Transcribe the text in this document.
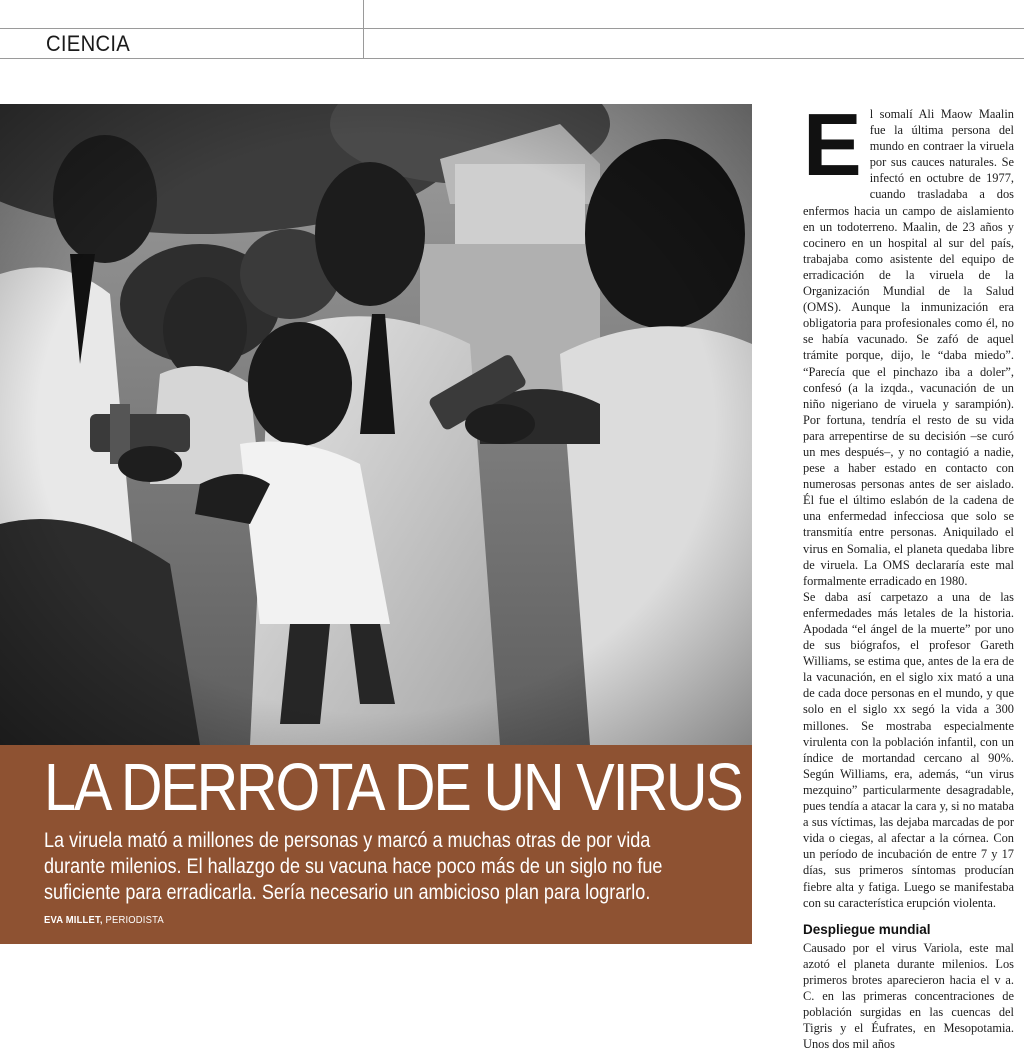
CIENCIA
LA DERROTA DE UN VIRUS

La viruela mató a millones de personas y marcó a muchas otras de por vida durante milenios. El hallazgo de su vacuna hace poco más de un siglo no fue suficiente para erradicarla. Sería necesario un ambicioso plan para lograrlo.

EVA MILLET, PERIODISTA

El somalí Ali Maow Maalin fue la última persona del mundo en contraer la viruela por sus cauces naturales. Se infectó en octubre de 1977, cuando trasladaba a dos enfermos hacia un campo de aislamiento en un todoterreno. Maalin, de 23 años y cocinero en un hospital al sur del país, trabajaba como asistente del equipo de erradicación de la viruela de la Organización Mundial de la Salud (OMS). Aunque la inmunización era obligatoria para profesionales como él, no se había vacunado. Se zafó de aquel trámite porque, dijo, le “daba miedo”. “Parecía que el pinchazo iba a doler”, confesó (a la izqda., vacunación de un niño nigeriano de viruela y sarampión). Por fortuna, tendría el resto de su vida para arrepentirse de su decisión –se curó un mes después–, y no contagió a nadie, pese a haber estado en contacto con numerosas personas antes de ser aislado. Él fue el último eslabón de la cadena de una enfermedad infecciosa que solo se transmitía entre personas. Aniquilado el virus en Somalia, el planeta quedaba libre de viruela. La OMS declararía este mal formalmente erradicado en 1980.

Se daba así carpetazo a una de las enfermedades más letales de la historia. Apodada “el ángel de la muerte” por uno de sus biógrafos, el profesor Gareth Williams, se estima que, antes de la era de la vacunación, en el siglo xix mató a una de cada doce personas en el mundo, y que solo en el siglo xx segó la vida a 300 millones. Se mostraba especialmente virulenta con la población infantil, con un índice de mortandad cercano al 90%. Según Williams, era, además, “un virus mezquino” particularmente desagradable, pues tendía a atacar la cara y, si no mataba a sus víctimas, las dejaba marcadas de por vida o ciegas, al afectar a la córnea. Con un período de incubación de entre 7 y 17 días, sus primeros síntomas producían fiebre alta y fatiga. Luego se manifestaba con su característica erupción violenta.

Despliegue mundial

Causado por el virus Variola, este mal azotó el planeta durante milenios. Los primeros brotes aparecieron hacia el v a. C. en las primeras concentraciones de población surgidas en las cuencas del Tigris y el Éufrates, en Mesopotamia. Unos dos mil años
